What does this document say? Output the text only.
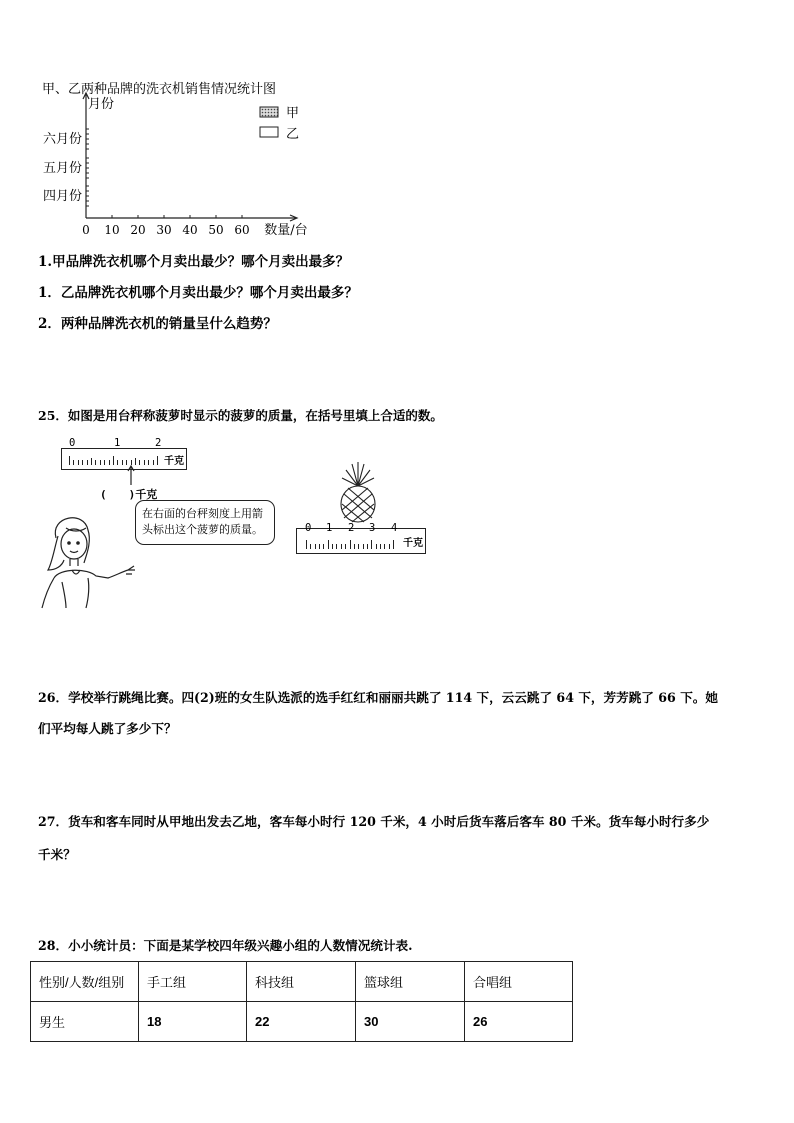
甲、乙两种品牌的洗衣机销售情况统计图
月份
0 10 20 30 40 50 60 数量/台
四月份
五月份
六月份
甲
乙
1.甲品牌洗衣机哪个月卖出最少？哪个月卖出最多？
1．乙品牌洗衣机哪个月卖出最少？哪个月卖出最多？
2．两种品牌洗衣机的销量呈什么趋势？
25．如图是用台秤称菠萝时显示的菠萝的质量，在括号里填上合适的数。
千克
0	1	2
(　　)千克
在右面的台秤刻度上用箭头标出这个菠萝的质量。
千克
0 1 2 3 4
26．学校举行跳绳比赛。四(2)班的女生队选派的选手红红和丽丽共跳了 114 下，云云跳了 64 下，芳芳跳了 66 下。她
们平均每人跳了多少下？
27．货车和客车同时从甲地出发去乙地，客车每小时行 120 千米，4 小时后货车落后客车 80 千米。货车每小时行多少
千米？
28．小小统计员：下面是某学校四年级兴趣小组的人数情况统计表.
性别/人数/组别	手工组	科技组	篮球组	合唱组
男生	18	22	30	26
